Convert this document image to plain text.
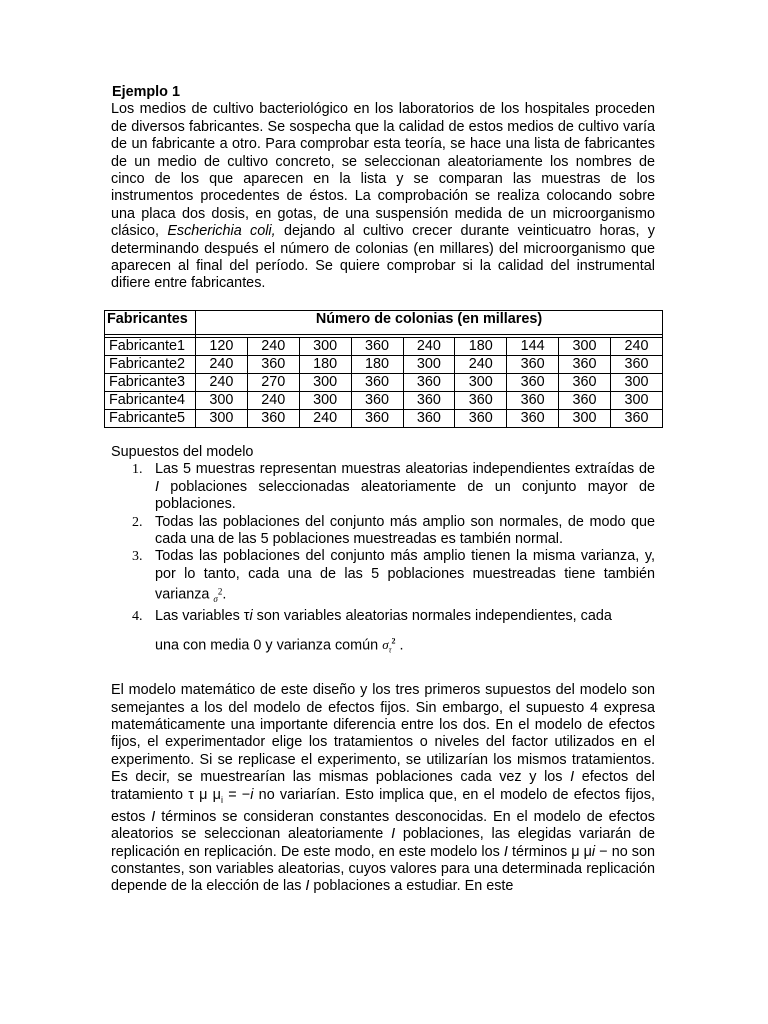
Ejemplo 1

Los medios de cultivo bacteriológico en los laboratorios de los hospitales proceden de diversos fabricantes. Se sospecha que la calidad de estos medios de cultivo varía de un fabricante a otro. Para comprobar esta teoría, se hace una lista de fabricantes de un medio de cultivo concreto, se seleccionan aleatoriamente los nombres de cinco de los que aparecen en la lista y se comparan las muestras de los instrumentos procedentes de éstos. La comprobación se realiza colocando sobre una placa dos dosis, en gotas, de una suspensión medida de un microorganismo clásico, Escherichia coli, dejando al cultivo crecer durante veinticuatro horas, y determinando después el número de colonias (en millares) del microorganismo que aparecen al final del período. Se quiere comprobar si la calidad del instrumental difiere entre fabricantes.

Fabricantes	Número de colonias (en millares)								

Fabricante1	120	240	300	360	240	180	144	300	240
Fabricante2	240	360	180	180	300	240	360	360	360
Fabricante3	240	270	300	360	360	300	360	360	300
Fabricante4	300	240	300	360	360	360	360	360	300
Fabricante5	300	360	240	360	360	360	360	300	360
Supuestos del modelo
1. Las 5 muestras representan muestras aleatorias independientes extraídas de I poblaciones seleccionadas aleatoriamente de un conjunto mayor de poblaciones.
2. Todas las poblaciones del conjunto más amplio son normales, de modo que cada una de las 5 poblaciones muestreadas es también normal.
3. Todas las poblaciones del conjunto más amplio tienen la misma varianza, y, por lo tanto, cada una de las 5 poblaciones muestreadas tiene también varianza $_\sigma^2$.
4. Las variables τi son variables aleatorias normales independientes, cada
una con media 0 y varianza común $\sigma_\tau^2$ .

El modelo matemático de este diseño y los tres primeros supuestos del modelo son semejantes a los del modelo de efectos fijos. Sin embargo, el supuesto 4 expresa matemáticamente una importante diferencia entre los dos. En el modelo de efectos fijos, el experimentador elige los tratamientos o niveles del factor utilizados en el experimento. Si se replicase el experimento, se utilizarían los mismos tratamientos. Es decir, se muestrearían las mismas poblaciones cada vez y los I efectos del tratamiento τ μ $\mu_i = -i$ no variarían. Esto implica que, en el modelo de efectos fijos, estos I términos se consideran constantes desconocidas. En el modelo de efectos aleatorios se seleccionan aleatoriamente I poblaciones, las elegidas variarán de replicación en replicación. De este modo, en este modelo los I términos μ μi − no son constantes, son variables aleatorias, cuyos valores para una determinada replicación depende de la elección de las I poblaciones a estudiar. En este
